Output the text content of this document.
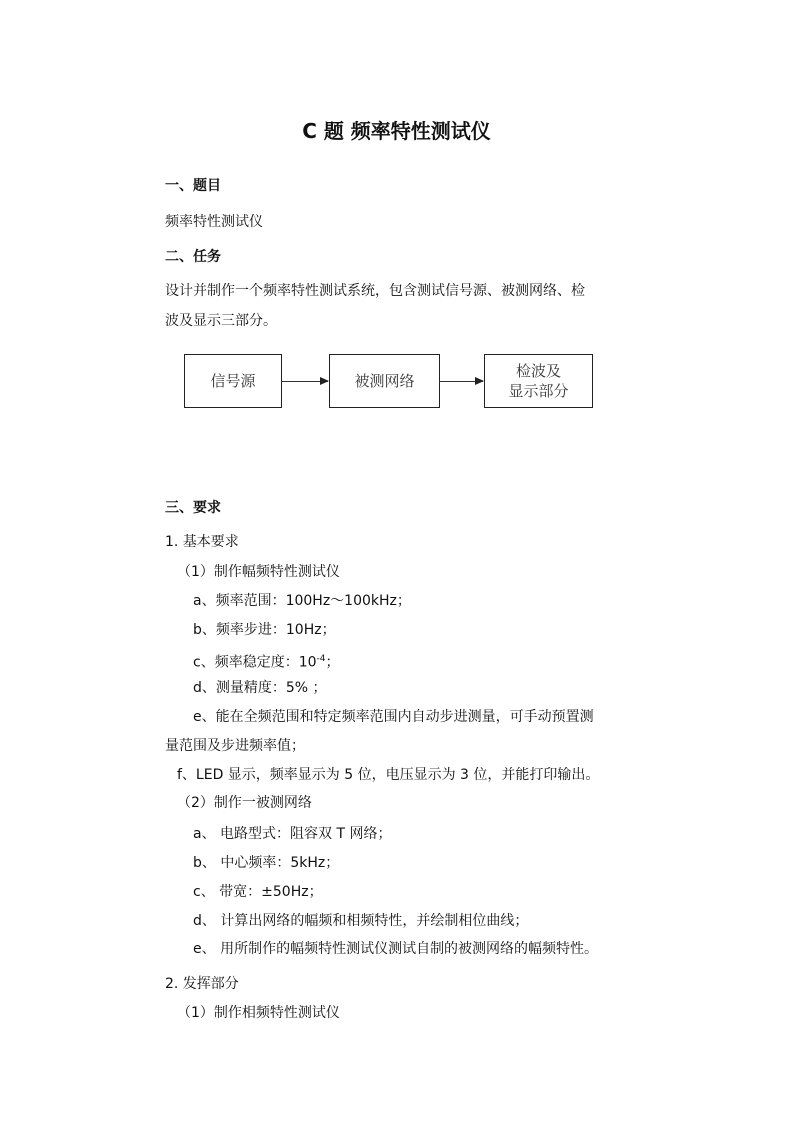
C 题 频率特性测试仪
一、题目
频率特性测试仪
二、任务
设计并制作一个频率特性测试系统，包含测试信号源、被测网络、检
波及显示三部分。
信号源	被测网络
检波及
显示部分
三、要求
1. 基本要求
（1）制作幅频特性测试仪
a、频率范围：100Hz～100kHz；
b、频率步进：10Hz；
c、频率稳定度：$10^{-4}$；
d、测量精度：5% ；
e、能在全频范围和特定频率范围内自动步进测量，可手动预置测
量范围及步进频率值；
f、LED 显示，频率显示为 5 位，电压显示为 3 位，并能打印输出。
（2）制作一被测网络
a、 电路型式：阻容双 T 网络；
b、 中心频率：5kHz；
c、 带宽：±50Hz；
d、 计算出网络的幅频和相频特性，并绘制相位曲线；
e、 用所制作的幅频特性测试仪测试自制的被测网络的幅频特性。
2. 发挥部分
（1）制作相频特性测试仪
